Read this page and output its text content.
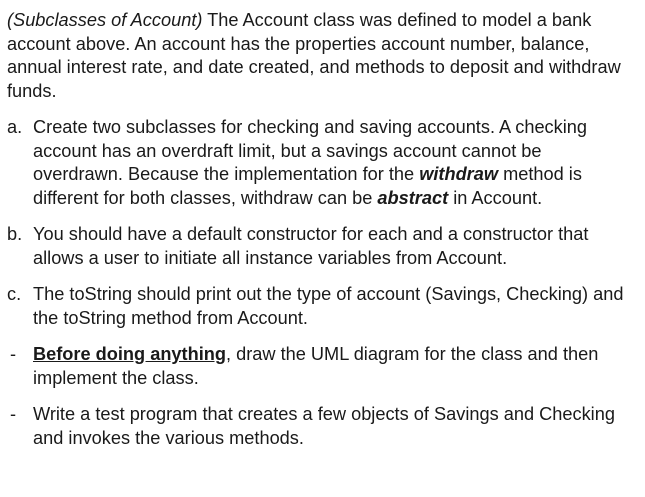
(Subclasses of Account) The Account class was defined to model a bank account above. An account has the properties account number, balance, annual interest rate, and date created, and methods to deposit and withdraw funds.

a. Create two subclasses for checking and saving accounts. A checking account has an overdraft limit, but a savings account cannot be overdrawn. Because the implementation for the withdraw method is different for both classes, withdraw can be abstract in Account.
b. You should have a default constructor for each and a constructor that allows a user to initiate all instance variables from Account.
c. The toString should print out the type of account (Savings, Checking) and the toString method from Account.
- Before doing anything, draw the UML diagram for the class and then implement the class.
- Write a test program that creates a few objects of Savings and Checking and invokes the various methods.
